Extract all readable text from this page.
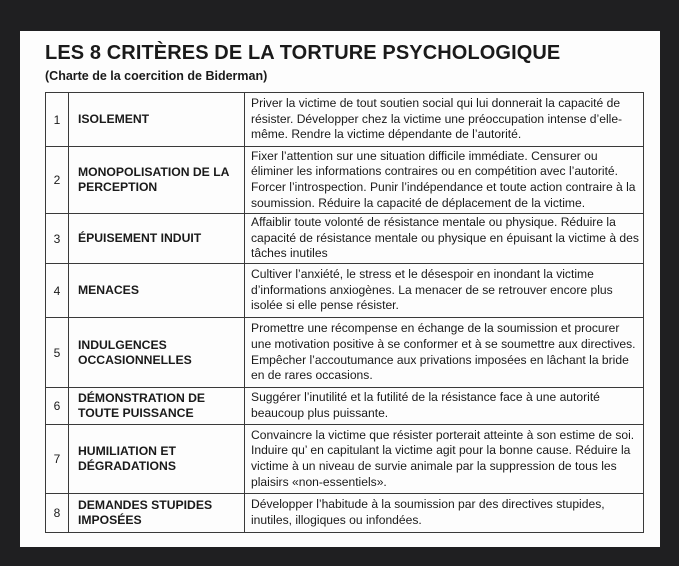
LES 8 CRITÈRES DE LA TORTURE PSYCHOLOGIQUE

(Charte de la coercition de Biderman)

1	ISOLEMENT	Priver la victime de tout soutien social qui lui donnerait la capacité de résister. Développer chez la victime une préoccupation intense d’elle-même. Rendre la victime dépendante de l’autorité.
2	MONOPOLISATION DE LA PERCEPTION	Fixer l’attention sur une situation difficile immédiate. Censurer ou éliminer les informations contraires ou en compétition avec l’autorité. Forcer l’introspection. Punir l’indépendance et toute action contraire à la soumission. Réduire la capacité de déplacement de la victime.
3	ÉPUISEMENT INDUIT	Affaiblir toute volonté de résistance mentale ou physique. Réduire la capacité de résistance mentale ou physique en épuisant la victime à des tâches inutiles
4	MENACES	Cultiver l’anxiété, le stress et le désespoir en inondant la victime d’informations anxiogènes. La menacer de se retrouver encore plus isolée si elle pense résister.
5	INDULGENCES OCCASIONNELLES	Promettre une récompense en échange de la soumission et procurer une motivation positive à se conformer et à se soumettre aux directives. Empêcher l’accoutumance aux privations imposées en lâchant la bride en de rares occasions.
6	DÉMONSTRATION DE TOUTE PUISSANCE	Suggérer l’inutilité et la futilité de la résistance face à une autorité beaucoup plus puissante.
7	HUMILIATION ET DÉGRADATIONS	Convaincre la victime que résister porterait atteinte à son estime de soi. Induire qu’ en capitulant la victime agit pour la bonne cause. Réduire la victime à un niveau de survie animale par la suppression de tous les plaisirs «non-essentiels».
8	DEMANDES STUPIDES IMPOSÉES	Développer l’habitude à la soumission par des directives stupides, inutiles, illogiques ou infondées.
